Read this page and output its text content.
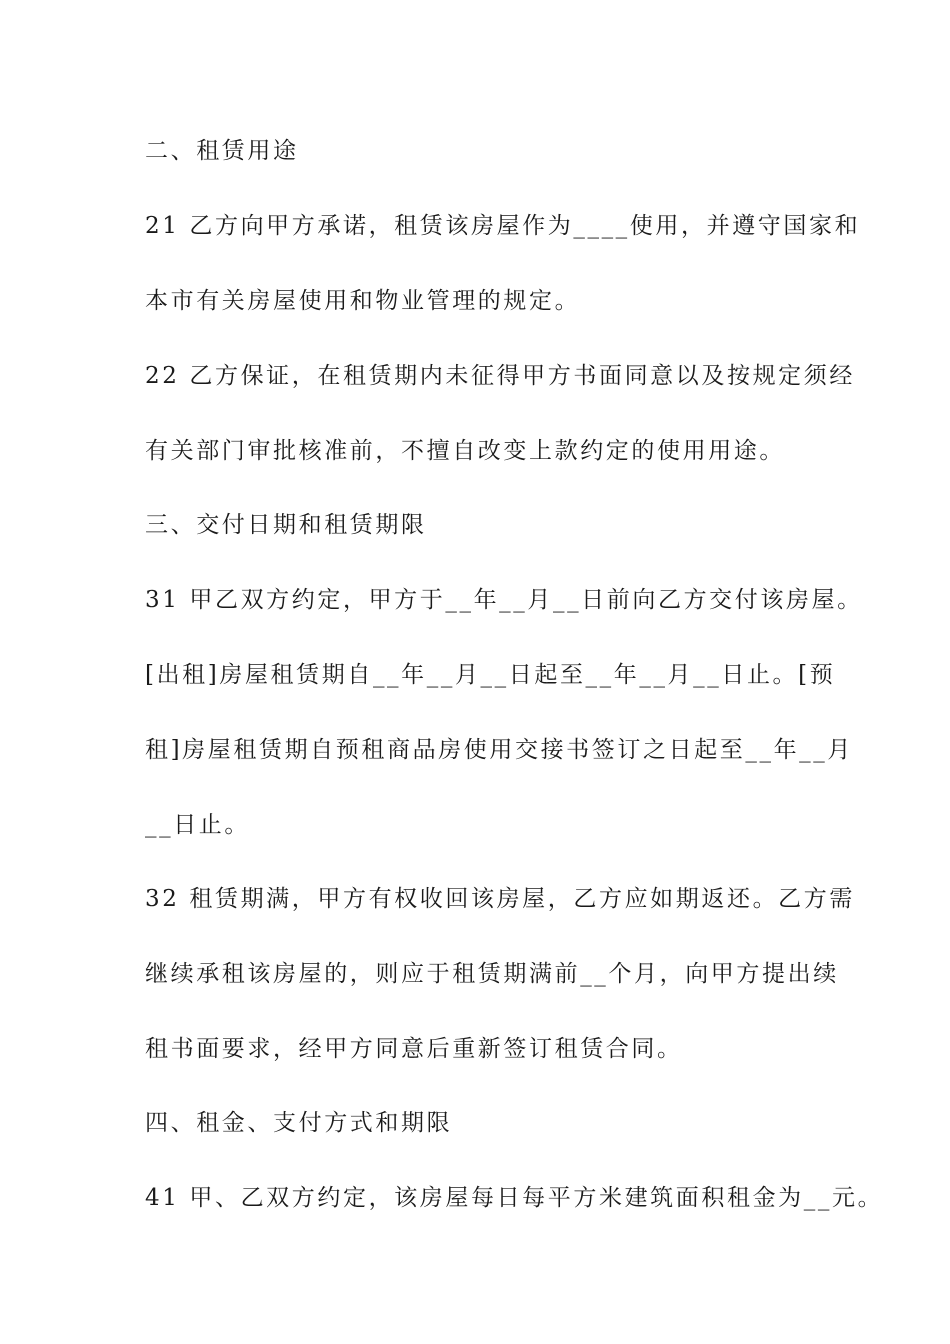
二、租赁用途
21 乙方向甲方承诺，租赁该房屋作为____使用，并遵守国家和
本市有关房屋使用和物业管理的规定。
22 乙方保证，在租赁期内未征得甲方书面同意以及按规定须经
有关部门审批核准前，不擅自改变上款约定的使用用途。
三、交付日期和租赁期限
31 甲乙双方约定，甲方于__年__月__日前向乙方交付该房屋。
[出租]房屋租赁期自__年__月__日起至__年__月__日止。[预
租]房屋租赁期自预租商品房使用交接书签订之日起至__年__月
__日止。
32 租赁期满，甲方有权收回该房屋，乙方应如期返还。乙方需
继续承租该房屋的，则应于租赁期满前__个月，向甲方提出续
租书面要求，经甲方同意后重新签订租赁合同。
四、租金、支付方式和期限
41 甲、乙双方约定，该房屋每日每平方米建筑面积租金为__元。
